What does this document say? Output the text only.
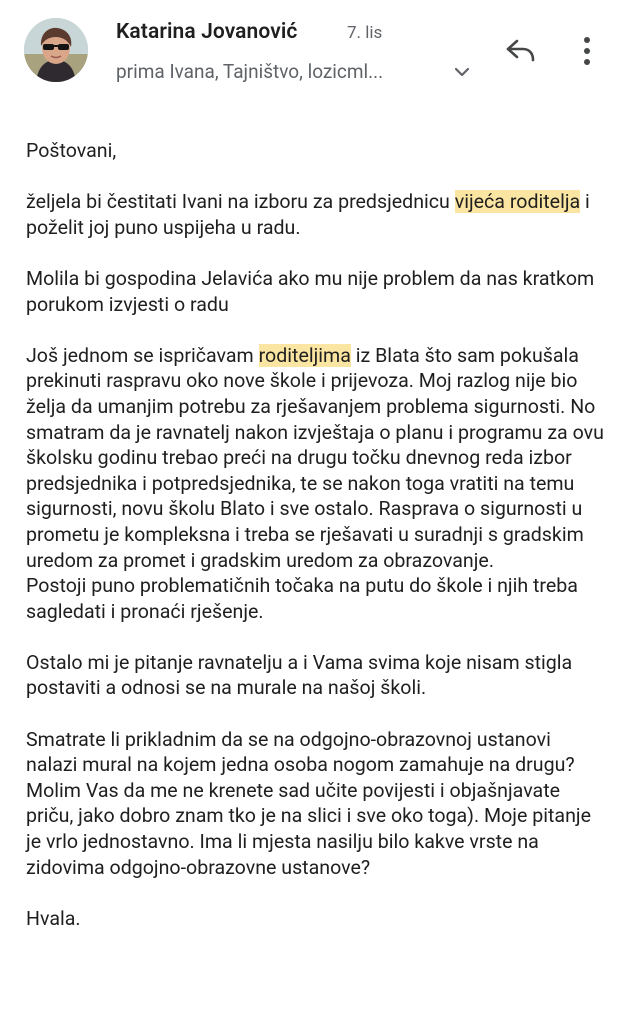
Katarina Jovanović	7. lis
prima Ivana, Tajništvo, lozicml...

Poštovani,

željela bi čestitati Ivani na izboru za predsjednicu vijeća roditelja i poželit joj puno uspijeha u radu.

Molila bi gospodina Jelavića ako mu nije problem da nas kratkom porukom izvjesti o radu

Još jednom se ispričavam roditeljima iz Blata što sam pokušala prekinuti raspravu oko nove škole i prijevoza. Moj razlog nije bio želja da umanjim potrebu za rješavanjem problema sigurnosti. No smatram da je ravnatelj nakon izvještaja o planu i programu za ovu školsku godinu trebao preći na drugu točku dnevnog reda izbor predsjednika i potpredsjednika, te se nakon toga vratiti na temu sigurnosti, novu školu Blato i sve ostalo. Rasprava o sigurnosti u prometu je kompleksna i treba se rješavati u suradnji s gradskim uredom za promet i gradskim uredom za obrazovanje.
Postoji puno problematičnih točaka na putu do škole i njih treba sagledati i pronaći rješenje.

Ostalo mi je pitanje ravnatelju a i Vama svima koje nisam stigla postaviti a odnosi se na murale na našoj školi.

Smatrate li prikladnim da se na odgojno-obrazovnoj ustanovi nalazi mural na kojem jedna osoba nogom zamahuje na drugu?
Molim Vas da me ne krenete sad učite povijesti i objašnjavate priču, jako dobro znam tko je na slici i sve oko toga). Moje pitanje je vrlo jednostavno. Ima li mjesta nasilju bilo kakve vrste na zidovima odgojno-obrazovne ustanove?

Hvala.
